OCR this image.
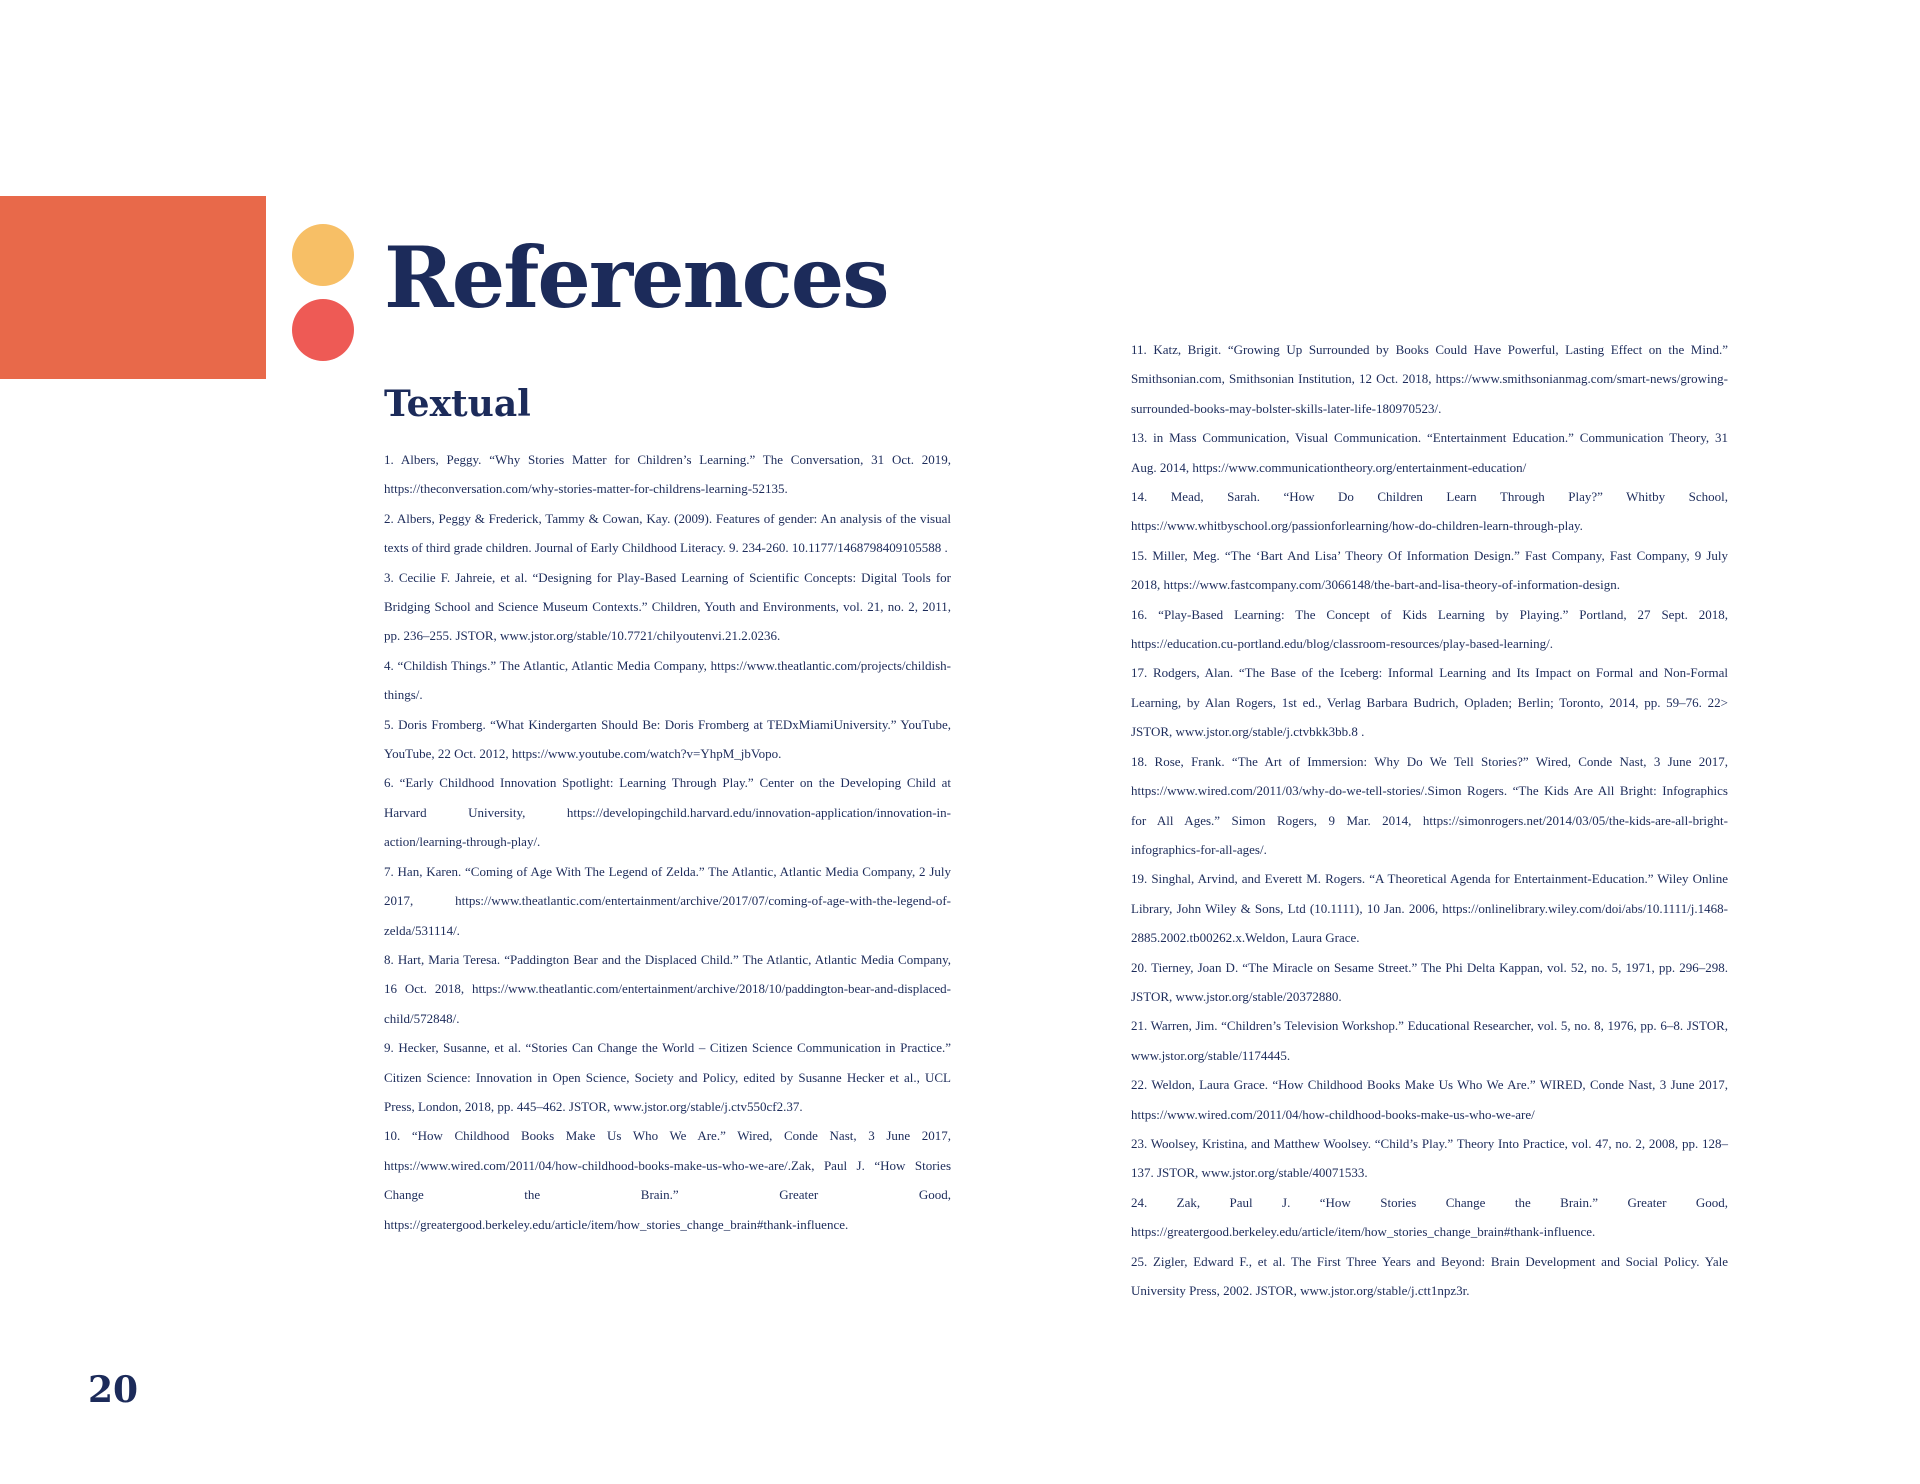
References
Textual
1. Albers, Peggy. “Why Stories Matter for Children’s Learning.” The Conversation, 31 Oct. 2019, https://theconversation.com/why-stories-matter-for-childrens-learning-52135.
2. Albers, Peggy & Frederick, Tammy & Cowan, Kay. (2009). Features of gender: An analysis of the visual texts of third grade children. Journal of Early Childhood Literacy. 9. 234-260. 10.1177/1468798409105588 .
3. Cecilie F. Jahreie, et al. “Designing for Play-Based Learning of Scientific Concepts: Digital Tools for Bridging School and Science Museum Contexts.” Children, Youth and Environments, vol. 21, no. 2, 2011, pp. 236–255. JSTOR, www.jstor.org/stable/10.7721/chilyoutenvi.21.2.0236.
4. “Childish Things.” The Atlantic, Atlantic Media Company, https://www.theatlantic.com/projects/childish-things/.
5. Doris Fromberg. “What Kindergarten Should Be: Doris Fromberg at TEDxMiamiUniversity.” YouTube, YouTube, 22 Oct. 2012, https://www.youtube.com/watch?v=YhpM_jbVopo.
6. “Early Childhood Innovation Spotlight: Learning Through Play.” Center on the Developing Child at Harvard University, https://developingchild.harvard.edu/innovation-application/innovation-in-action/learning-through-play/.
7. Han, Karen. “Coming of Age With The Legend of Zelda.” The Atlantic, Atlantic Media Company, 2 July 2017, https://www.theatlantic.com/entertainment/archive/2017/07/coming-of-age-with-the-legend-of-zelda/531114/.
8. Hart, Maria Teresa. “Paddington Bear and the Displaced Child.” The Atlantic, Atlantic Media Company, 16 Oct. 2018, https://www.theatlantic.com/entertainment/archive/2018/10/paddington-bear-and-displaced-child/572848/.
9. Hecker, Susanne, et al. “Stories Can Change the World – Citizen Science Communication in Practice.” Citizen Science: Innovation in Open Science, Society and Policy, edited by Susanne Hecker et al., UCL Press, London, 2018, pp. 445–462. JSTOR, www.jstor.org/stable/j.ctv550cf2.37.
10. “How Childhood Books Make Us Who We Are.” Wired, Conde Nast, 3 June 2017, https://www.wired.com/2011/04/how-childhood-books-make-us-who-we-are/.Zak, Paul J. “How Stories Change the Brain.” Greater Good, https://greatergood.berkeley.edu/article/item/how_stories_change_brain#thank-influence.
11. Katz, Brigit. “Growing Up Surrounded by Books Could Have Powerful, Lasting Effect on the Mind.” Smithsonian.com, Smithsonian Institution, 12 Oct. 2018, https://www.smithsonianmag.com/smart-news/growing-surrounded-books-may-bolster-skills-later-life-180970523/.
13. in Mass Communication, Visual Communication. “Entertainment Education.” Communication Theory, 31 Aug. 2014, https://www.communicationtheory.org/entertainment-education/
14. Mead, Sarah. “How Do Children Learn Through Play?” Whitby School, https://www.whitbyschool.org/passionforlearning/how-do-children-learn-through-play.
15. Miller, Meg. “The ‘Bart And Lisa’ Theory Of Information Design.” Fast Company, Fast Company, 9 July 2018, https://www.fastcompany.com/3066148/the-bart-and-lisa-theory-of-information-design.
16. “Play-Based Learning: The Concept of Kids Learning by Playing.” Portland, 27 Sept. 2018, https://education.cu-portland.edu/blog/classroom-resources/play-based-learning/.
17. Rodgers, Alan. “The Base of the Iceberg: Informal Learning and Its Impact on Formal and Non-Formal Learning, by Alan Rogers, 1st ed., Verlag Barbara Budrich, Opladen; Berlin; Toronto, 2014, pp. 59–76. 22> JSTOR, www.jstor.org/stable/j.ctvbkk3bb.8 .
18. Rose, Frank. “The Art of Immersion: Why Do We Tell Stories?” Wired, Conde Nast, 3 June 2017, https://www.wired.com/2011/03/why-do-we-tell-stories/.Simon Rogers. “The Kids Are All Bright: Infographics for All Ages.” Simon Rogers, 9 Mar. 2014, https://simonrogers.net/2014/03/05/the-kids-are-all-bright-infographics-for-all-ages/.
19. Singhal, Arvind, and Everett M. Rogers. “A Theoretical Agenda for Entertainment-Education.” Wiley Online Library, John Wiley & Sons, Ltd (10.1111), 10 Jan. 2006, https://onlinelibrary.wiley.com/doi/abs/10.1111/j.1468-2885.2002.tb00262.x.Weldon, Laura Grace.
20. Tierney, Joan D. “The Miracle on Sesame Street.” The Phi Delta Kappan, vol. 52, no. 5, 1971, pp. 296–298. JSTOR, www.jstor.org/stable/20372880.
21. Warren, Jim. “Children’s Television Workshop.” Educational Researcher, vol. 5, no. 8, 1976, pp. 6–8. JSTOR, www.jstor.org/stable/1174445.
22. Weldon, Laura Grace. “How Childhood Books Make Us Who We Are.” WIRED, Conde Nast, 3 June 2017, https://www.wired.com/2011/04/how-childhood-books-make-us-who-we-are/
23. Woolsey, Kristina, and Matthew Woolsey. “Child’s Play.” Theory Into Practice, vol. 47, no. 2, 2008, pp. 128–137. JSTOR, www.jstor.org/stable/40071533.
24. Zak, Paul J. “How Stories Change the Brain.” Greater Good, https://greatergood.berkeley.edu/article/item/how_stories_change_brain#thank-influence.
25. Zigler, Edward F., et al. The First Three Years and Beyond: Brain Development and Social Policy. Yale University Press, 2002. JSTOR, www.jstor.org/stable/j.ctt1npz3r.
20
